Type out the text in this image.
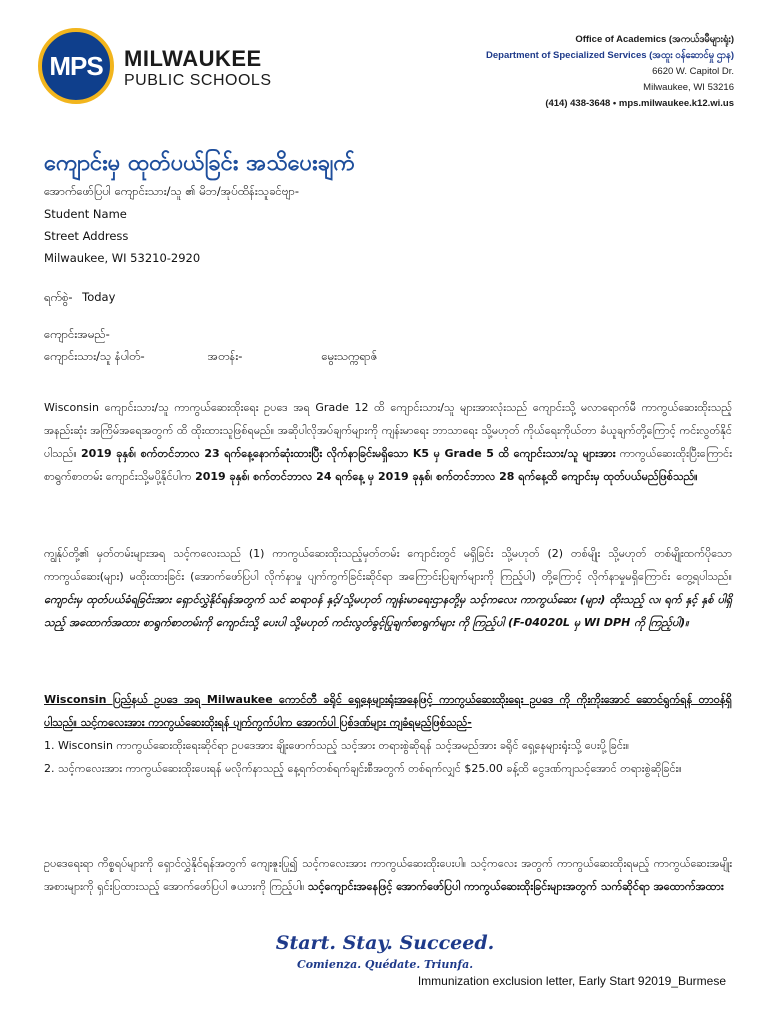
MPS MILWAUKEE
PUBLIC SCHOOLS
Office of Academics (အကယ်ဒမီများရုံး)
Department of Specialized Services (အထူး ဝန်ဆောင်မှု ဌာန)
6620 W. Capitol Dr.
Milwaukee, WI 53216
(414) 438-3648 • mps.milwaukee.k12.wi.us
ကျောင်းမှ ထုတ်ပယ်ခြင်း အသိပေးချက်
အောက်ဖော်ပြပါ ကျောင်းသား/သူ ၏ မိဘ/အုပ်ထိန်းသူခင်ဗျာ-
Student Name
Street Address
Milwaukee, WI 53210-2920
ရက်စွဲ- Today
ကျောင်းအမည်-
ကျောင်းသား/သူ နံပါတ်-	အတန်း-	မွေးသက္ကရာဇ်
Wisconsin ကျောင်းသား/သူ ကာကွယ်ဆေးထိုးရေး ဥပဒေ အရ Grade 12 ထိ ကျောင်းသား/သူ များအားလုံးသည် ကျောင်းသို့ မလာရောက်မီ ကာကွယ်ဆေးထိုးသည့် အနည်းဆုံး အကြိမ်အရေအတွက် ထိ ထိုးထားသူဖြစ်ရမည်။ အဆိုပါလိုအပ်ချက်များကို ကျန်းမာရေး ဘာသာရေး သို့မဟုတ် ကိုယ်ရေးကိုယ်တာ ခံယူချက်တို့ကြောင့် ကင်းလွတ်နိုင် ပါသည်။ 2019 ခုနှစ်၊ စက်တင်ဘာလ 23 ရက်နေ့နောက်ဆုံးထားပြီး လိုက်နာခြင်းမရှိသော K5 မှ Grade 5 ထိ ကျောင်းသား/သူ များအား ကာကွယ်ဆေးထိုးပြီးကြောင်း စာရွက်စာတမ်း ကျောင်းသို့မပို့နိုင်ပါက 2019 ခုနှစ်၊ စက်တင်ဘာလ 24 ရက်နေ့ မှ 2019 ခုနှစ်၊ စက်တင်ဘာလ 28 ရက်နေ့ထိ ကျောင်းမှ ထုတ်ပယ်မည်ဖြစ်သည်။
ကျွန်ုပ်တို့၏ မှတ်တမ်းများအရ သင့်ကလေးသည် (1) ကာကွယ်ဆေးထိုးသည့်မှတ်တမ်း ကျောင်းတွင် မရှိခြင်း သို့မဟုတ် (2) တစ်မျိုး သို့မဟုတ် တစ်မျိုးထက်ပိုသော ကာကွယ်ဆေး(များ) မထိုးထားခြင်း (အောက်ဖော်ပြပါ လိုက်နာမှု ပျက်ကွက်ခြင်းဆိုင်ရာ အကြောင်းပြချက်များကို ကြည့်ပါ) တို့ကြောင့် လိုက်နာမှုမရှိကြောင်း တွေ့ရပါသည်။ ကျောင်းမှ ထုတ်ပယ်ခံရခြင်းအား ရှောင်လွှဲနိုင်ရန်အတွက် သင် ဆရာဝန် နှင့်/သို့မဟုတ် ကျန်းမာရေးဌာနတို့မှ သင့်ကလေး ကာကွယ်ဆေး (များ) ထိုးသည့် လ၊ ရက် နှင့် နှစ် ပါရှိသည့် အထောက်အထား စာရွက်စာတမ်းကို ကျောင်းသို့ ပေးပါ သို့မဟုတ် ကင်းလွတ်ခွင့်ပြုချက်စာရွက်များ ကို ကြည့်ပါ (F-04020L မှ WI DPH ကို ကြည့်ပါ)။
Wisconsin ပြည်နယ် ဥပဒေ အရ Milwaukee ကောင်တီ ခရိုင် ရှေ့နေများရုံးအနေဖြင့် ကာကွယ်ဆေးထိုးရေး ဥပဒေ ကို ကိုးကိုးအောင် ဆောင်ရွက်ရန် တာဝန်ရှိပါသည်။ သင့်ကလေးအား ကာကွယ်ဆေးထိုးရန် ပျက်ကွက်ပါက အောက်ပါ ပြစ်ဒဏ်များ ကျခံရမည်ဖြစ်သည်-
1. Wisconsin ကာကွယ်ဆေးထိုးရေးဆိုင်ရာ ဥပဒေအား ချိုးဖောက်သည့် သင့်အား တရားစွဲဆိုရန် သင့်အမည်အား ခရိုင် ရှေ့နေများရုံးသို့ ပေးပို့ခြင်း။
2. သင့်ကလေးအား ကာကွယ်ဆေးထိုးပေးရန် မလိုက်နာသည့် နေ့ရက်တစ်ရက်ချင်းစီအတွက် တစ်ရက်လျှင် $25.00 ခန့်ထိ ငွေဒဏ်ကျသင့်အောင် တရားစွဲဆိုခြင်း။
ဥပဒေရေးရာ ကိစ္စရပ်များကို ရှောင်လွှဲနိုင်ရန်အတွက် ကျေးဇူးပြု၍ သင့်ကလေးအား ကာကွယ်ဆေးထိုးပေးပါ။ သင့်ကလေး အတွက် ကာကွယ်ဆေးထိုးရမည့် ကာကွယ်ဆေးအမျိုးအစားများကို ရှင်းပြထားသည့် အောက်ဖော်ပြပါ ဇယားကို ကြည့်ပါ။ သင့်ကျောင်းအနေဖြင့် အောက်ဖော်ပြပါ ကာကွယ်ဆေးထိုးခြင်းများအတွက် သက်ဆိုင်ရာ အထောက်အထား
Start. Stay. Succeed.
Comienza. Quédate. Triunfa.
Immunization exclusion letter, Early Start 92019_Burmese
